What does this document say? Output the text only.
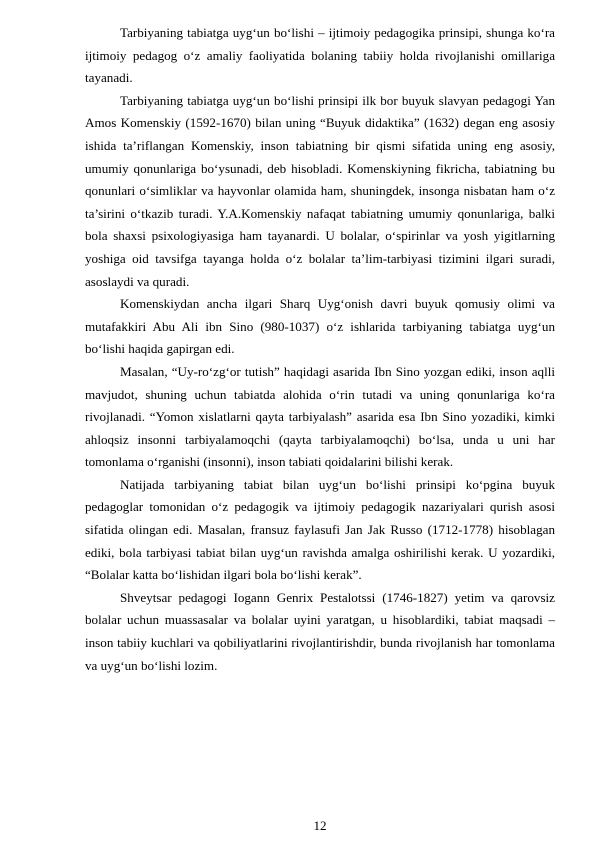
Tarbiyaning tabiatga uyg‘un bo‘lishi – ijtimoiy pedagogika prinsipi, shunga ko‘ra ijtimoiy pedagog o‘z amaliy faoliyatida bolaning tabiiy holda rivojlanishi omillariga tayanadi.

Tarbiyaning tabiatga uyg‘un bo‘lishi prinsipi ilk bor buyuk slavyan pedagogi Yan Amos Komenskiy (1592-1670) bilan uning “Buyuk didaktika” (1632) degan eng asosiy ishida ta’riflangan Komenskiy, inson tabiatning bir qismi sifatida uning eng asosiy, umumiy qonunlariga bo‘ysunadi, deb hisobladi. Komenskiyning fikricha, tabiatning bu qonunlari o‘simliklar va hayvonlar olamida ham, shuningdek, insonga nisbatan ham o‘z ta’sirini o‘tkazib turadi. Y.A.Komenskiy nafaqat tabiatning umumiy qonunlariga, balki bola shaxsi psixologiyasiga ham tayanardi. U bolalar, o‘spirinlar va yosh yigitlarning yoshiga oid tavsifga tayanga holda o‘z bolalar ta’lim-tarbiyasi tizimini ilgari suradi, asoslaydi va quradi.

Komenskiydan ancha ilgari Sharq Uyg‘onish davri buyuk qomusiy olimi va mutafakkiri Abu Ali ibn Sino (980-1037) o‘z ishlarida tarbiyaning tabiatga uyg‘un bo‘lishi haqida gapirgan edi.

Masalan, “Uy-ro‘zg‘or tutish” haqidagi asarida Ibn Sino yozgan ediki, inson aqlli mavjudot, shuning uchun tabiatda alohida o‘rin tutadi va uning qonunlariga ko‘ra rivojlanadi. “Yomon xislatlarni qayta tarbiyalash” asarida esa Ibn Sino yozadiki, kimki ahloqsiz insonni tarbiyalamoqchi (qayta tarbiyalamoqchi) bo‘lsa, unda u uni har tomonlama o‘rganishi (insonni), inson tabiati qoidalarini bilishi kerak.

Natijada tarbiyaning tabiat bilan uyg‘un bo‘lishi prinsipi ko‘pgina buyuk pedagoglar tomonidan o‘z pedagogik va ijtimoiy pedagogik nazariyalari qurish asosi sifatida olingan edi. Masalan, fransuz faylasufi Jan Jak Russo (1712-1778) hisoblagan ediki, bola tarbiyasi tabiat bilan uyg‘un ravishda amalga oshirilishi kerak. U yozardiki, “Bolalar katta bo‘lishidan ilgari bola bo‘lishi kerak”.

Shveytsar pedagogi Iogann Genrix Pestalotssi (1746-1827) yetim va qarovsiz bolalar uchun muassasalar va bolalar uyini yaratgan, u hisoblardiki, tabiat maqsadi – inson tabiiy kuchlari va qobiliyatlarini rivojlantirishdir, bunda rivojlanish har tomonlama va uyg‘un bo‘lishi lozim.

12
